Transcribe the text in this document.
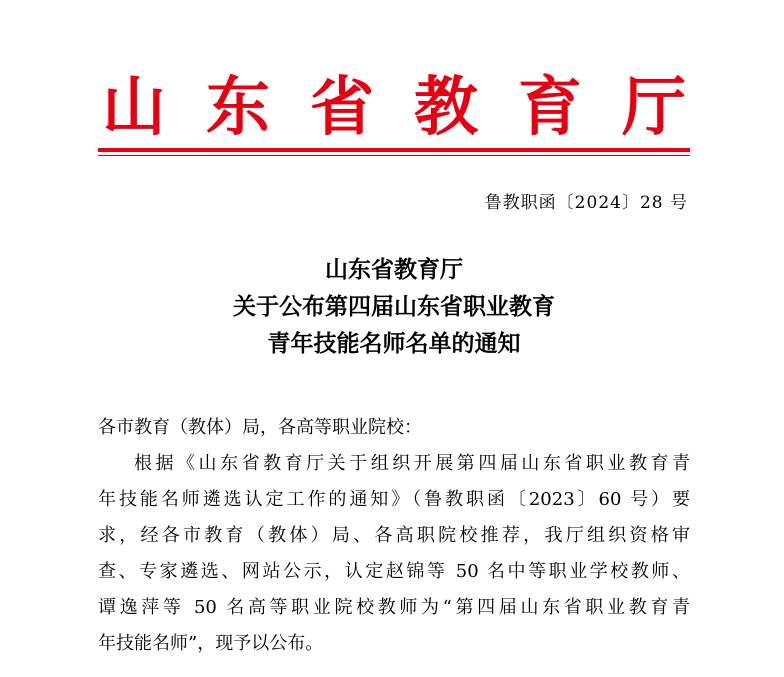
山 东 省 教 育 厅
鲁教职函〔2024〕28 号
山东省教育厅
关于公布第四届山东省职业教育
青年技能名师名单的通知
各市教育（教体）局，各高等职业院校：
根据《山东省教育厅关于组织开展第四届山东省职业教育青
年技能名师遴选认定工作的通知》（鲁教职函〔2023〕60 号）要
求，经各市教育（教体）局、各高职院校推荐，我厅组织资格审
查、专家遴选、网站公示，认定赵锦等 50 名中等职业学校教师、
谭逸萍等 50 名高等职业院校教师为“第四届山东省职业教育青
年技能名师”，现予以公布。
